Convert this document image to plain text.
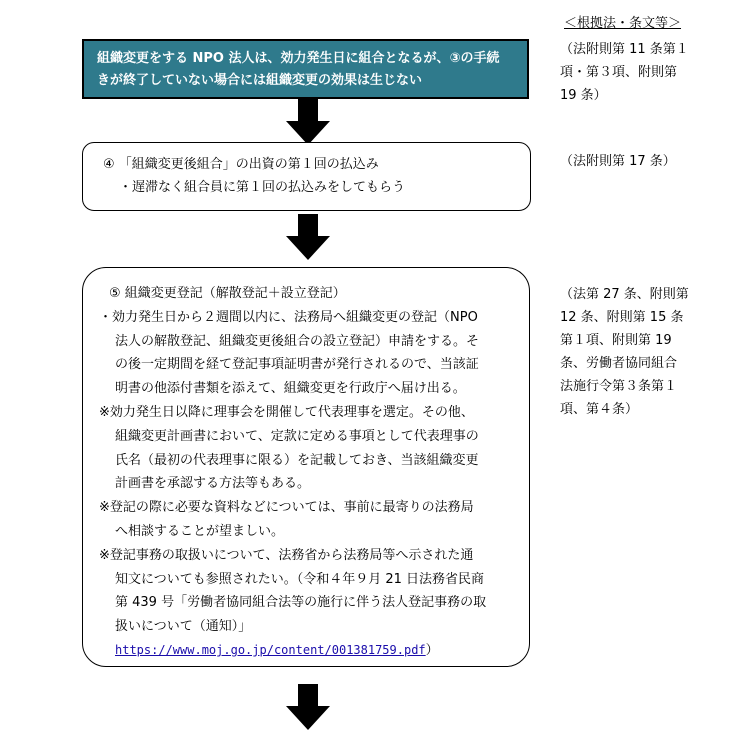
＜根拠法・条文等＞
（法附則第 11 条第１
項・第３項、附則第
19 条）
（法附則第 17 条）
（法第 27 条、附則第
12 条、附則第 15 条
第１項、附則第 19
条、労働者協同組合
法施行令第３条第１
項、第４条）
組織変更をする NPO 法人は、効力発生日に組合となるが、③の手続
きが終了していない場合には組織変更の効果は生じない
④ 「組織変更後組合」の出資の第１回の払込み
・遅滞なく組合員に第１回の払込みをしてもらう
⑤ 組織変更登記（解散登記＋設立登記）
・効力発生日から２週間以内に、法務局へ組織変更の登記（NPO
法人の解散登記、組織変更後組合の設立登記）申請をする。そ
の後一定期間を経て登記事項証明書が発行されるので、当該証
明書の他添付書類を添えて、組織変更を行政庁へ届け出る。
※効力発生日以降に理事会を開催して代表理事を選定。その他、
組織変更計画書において、定款に定める事項として代表理事の
氏名（最初の代表理事に限る）を記載しておき、当該組織変更
計画書を承認する方法等もある。
※登記の際に必要な資料などについては、事前に最寄りの法務局
へ相談することが望ましい。
※登記事務の取扱いについて、法務省から法務局等へ示された通
知文についても参照されたい。（令和４年９月 21 日法務省民商
第 439 号「労働者協同組合法等の施行に伴う法人登記事務の取
扱いについて（通知）」
https://www.moj.go.jp/content/001381759.pdf）
